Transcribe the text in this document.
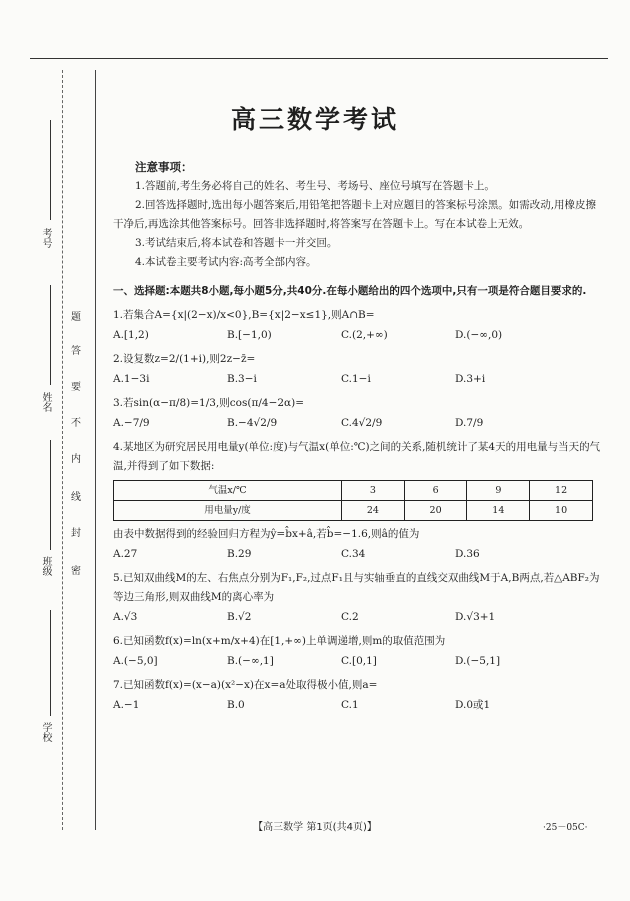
考号
姓名
班级
学校
题
答
要
不
内
线
封
密
高三数学考试
注意事项：

1.答题前,考生务必将自己的姓名、考生号、考场号、座位号填写在答题卡上。

2.回答选择题时,选出每小题答案后,用铅笔把答题卡上对应题目的答案标号涂黑。如需改动,用橡皮擦干净后,再选涂其他答案标号。回答非选择题时,将答案写在答题卡上。写在本试卷上无效。

3.考试结束后,将本试卷和答题卡一并交回。

4.本试卷主要考试内容:高考全部内容。

一、选择题:本题共8小题,每小题5分,共40分.在每小题给出的四个选项中,只有一项是符合题目要求的.
1.若集合A={x|(2−x)/x<0},B={x|2−x≤1},则A∩B=
A.[1,2)	B.[−1,0)	C.(2,+∞)	D.(−∞,0)
2.设复数z=2/(1+i),则2z−z̄=
A.1−3i	B.3−i	C.1−i	D.3+i
3.若sin(α−π/8)=1/3,则cos(π/4−2α)=
A.−7/9	B.−4√2/9	C.4√2/9	D.7/9
4.某地区为研究居民用电量y(单位:度)与气温x(单位:℃)之间的关系,随机统计了某4天的用电量与当天的气温,并得到了如下数据:
气温x/℃	3	6	9	12
用电量y/度	24	20	14	10
由表中数据得到的经验回归方程为ŷ=b̂x+â,若b̂=−1.6,则â的值为
A.27	B.29	C.34	D.36
5.已知双曲线M的左、右焦点分别为F₁,F₂,过点F₁且与实轴垂直的直线交双曲线M于A,B两点,若△ABF₂为等边三角形,则双曲线M的离心率为
A.√3	B.√2	C.2	D.√3+1
6.已知函数f(x)=ln(x+m/x+4)在[1,+∞)上单调递增,则m的取值范围为
A.(−5,0]	B.(−∞,1]	C.[0,1]	D.(−5,1]
7.已知函数f(x)=(x−a)(x²−x)在x=a处取得极小值,则a=
A.−1	B.0	C.1	D.0或1
【高三数学 第1页(共4页)】	·25－05C·
